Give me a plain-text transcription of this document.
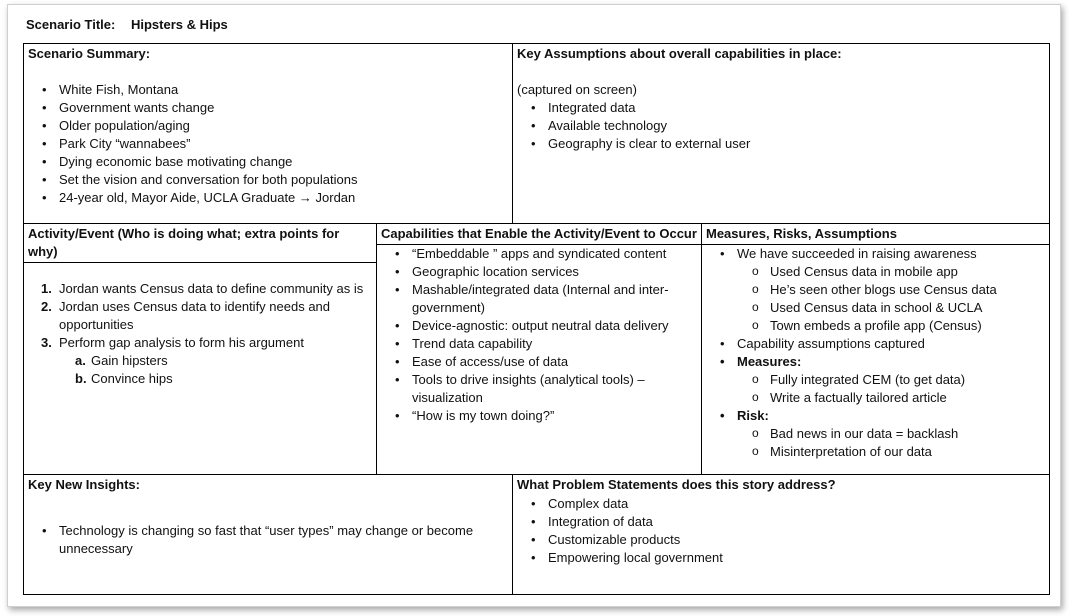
Scenario Title: Hipsters & Hips
Scenario Summary:
• White Fish, Montana
• Government wants change
• Older population/aging
• Park City “wannabees”
• Dying economic base motivating change
• Set the vision and conversation for both populations
• 24-year old, Mayor Aide, UCLA Graduate → Jordan
Key Assumptions about overall capabilities in place:
(captured on screen)
• Integrated data
• Available technology
• Geography is clear to external user
Activity/Event (Who is doing what; extra points for why)
1. Jordan wants Census data to define community as is
2. Jordan uses Census data to identify needs and opportunities
3. Perform gap analysis to form his argument
a. Gain hipsters
b. Convince hips
Capabilities that Enable the Activity/Event to Occur
• “Embeddable ” apps and syndicated content
• Geographic location services
• Mashable/integrated data (Internal and inter-government)
• Device-agnostic: output neutral data delivery
• Trend data capability
• Ease of access/use of data
• Tools to drive insights (analytical tools) – visualization
• “How is my town doing?”
Measures, Risks, Assumptions
• We have succeeded in raising awareness
o Used Census data in mobile app
o He’s seen other blogs use Census data
o Used Census data in school & UCLA
o Town embeds a profile app (Census)
• Capability assumptions captured
• Measures:
o Fully integrated CEM (to get data)
o Write a factually tailored article
• Risk:
o Bad news in our data = backlash
o Misinterpretation of our data
Key New Insights:
• Technology is changing so fast that “user types” may change or become unnecessary
What Problem Statements does this story address?
• Complex data
• Integration of data
• Customizable products
• Empowering local government
